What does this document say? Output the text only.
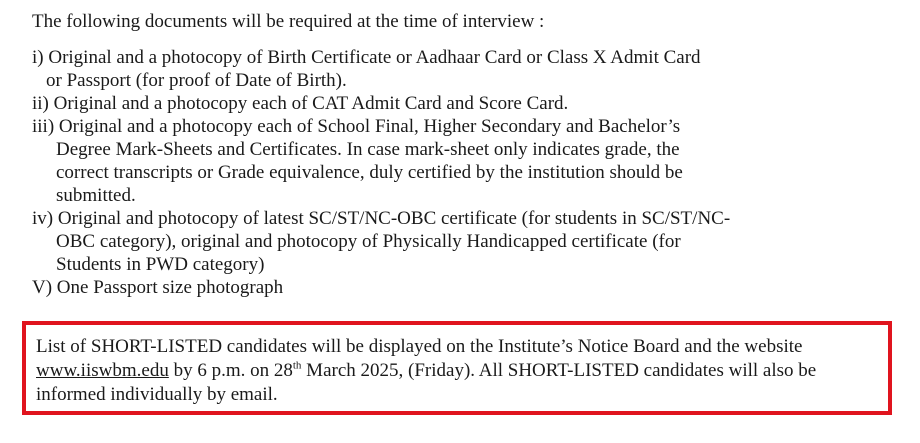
The following documents will be required at the time of interview :
i) Original and a photocopy of Birth Certificate or Aadhaar Card or Class X Admit Card
or Passport (for proof of Date of Birth).
ii) Original and a photocopy each of CAT Admit Card and Score Card.
iii) Original and a photocopy each of School Final, Higher Secondary and Bachelor’s
Degree Mark-Sheets and Certificates. In case mark-sheet only indicates grade, the
correct transcripts or Grade equivalence, duly certified by the institution should be
submitted.
iv) Original and photocopy of latest SC/ST/NC-OBC certificate (for students in SC/ST/NC-
OBC category), original and photocopy of Physically Handicapped certificate (for
Students in PWD category)
V) One Passport size photograph
List of SHORT-LISTED candidates will be displayed on the Institute’s Notice Board and the website
www.iiswbm.edu by 6 p.m. on 28th March 2025, (Friday). All SHORT-LISTED candidates will also be
informed individually by email.
